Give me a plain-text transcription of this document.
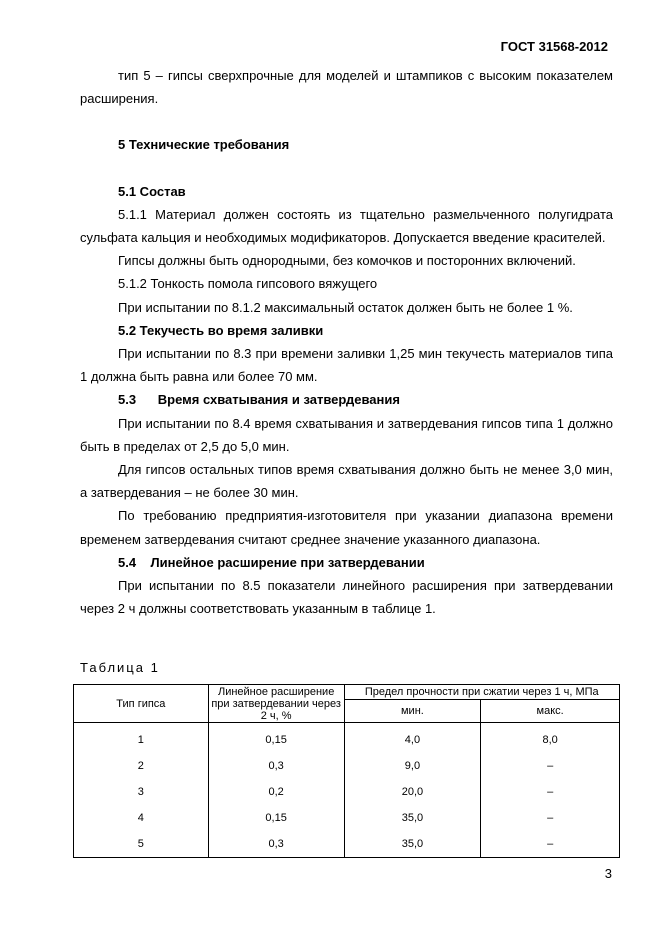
ГОСТ 31568-2012

тип 5 – гипсы сверхпрочные для моделей и штампиков с высоким показателем расширения.

5 Технические требования

5.1 Состав

5.1.1 Материал должен состоять из тщательно размельченного полугидрата сульфата кальция и необходимых модификаторов. Допускается введение красителей.

Гипсы должны быть однородными, без комочков и посторонних включений.

5.1.2 Тонкость помола гипсового вяжущего

При испытании по 8.1.2 максимальный остаток должен быть не более 1 %.

5.2 Текучесть во время заливки

При испытании по 8.3 при времени заливки 1,25 мин текучесть материалов типа 1 должна быть равна или более 70 мм.

5.3      Время схватывания и затвердевания

При испытании по 8.4 время схватывания и затвердевания гипсов типа 1 должно быть в пределах от 2,5 до 5,0 мин.

Для гипсов остальных типов время схватывания должно быть не менее 3,0 мин, а затвердевания – не более 30 мин.

По требованию предприятия-изготовителя при указании диапазона времени временем затвердевания считают среднее значение указанного диапазона.

5.4    Линейное расширение при затвердевании

При испытании по 8.5 показатели линейного расширения при затвердевании через 2 ч должны соответствовать указанным в таблице 1.

Таблица 1
Тип гипса	Линейное расширение при затвердевании через 2 ч, %	Предел прочности при сжатии через 1 ч, МПа	
		мин.	макс.
1	0,15	4,0	8,0
2	0,3	9,0	–
3	0,2	20,0	–
4	0,15	35,0	–
5	0,3	35,0	–
3
